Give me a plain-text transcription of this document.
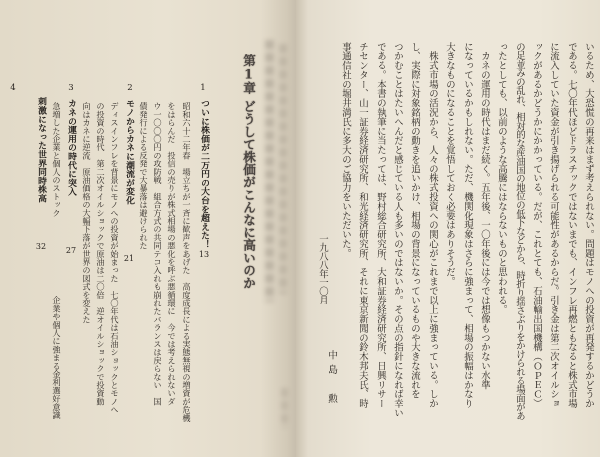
第1章
どうして株価がこんなに高いのか
1
ついに株価が二万円の大台を超えた！
13
昭和六十二年春　場立ちが一斉に歓声をあげた　高度成長による実態無視の増資が危機
をはらんだ　投信の売りが株式相場の悪化を呼ぶ悪循環に　今では考えられないダ
ウ一〇〇〇円の攻防戦　組合方式の共同テコ入れも崩れたバランスは戻らない　国
債発行による反発で大暴落は避けられた
2
モノからカネに潮流が変化
21
ディスインフレを背景にモノへの投資が始まった　七〇年代は石油ショックとモノへ
の投資の時代　第二次オイルショックで原油は二〇倍　逆オイルショックで投資動
向はカネに逆流　原油価格の大幅下落が世界の図式を変えた
3
カネの運用の時代に突入
27
急増した企業と個人のストック
企業や個人に強まる金利選好意識
4
刺激になった世界同時株高
32	いるため、大恐慌の再来はまず考えられない。問題はモノへの投資が再発するかどうか
である。七〇年代ほどドラスチックではないまでも、インフレ再燃ともなると株式市場
に流入していた資金が引き揚げられる可能性があるからだ。引き金は第二次オイルショ
ックがあるかどうかにかかっている。だが、これとても、石油輸出国機構（ＯＰＥＣ）
の足並みの乱れ、相対的な産油国の地位の低下などから、時折り揺さぶりをかけられる場面があ
ったとしても、以前のような高騰にはならないものと思われる。
　カネの運用の時代はまだ続く。五年後、一〇年後には今では想像もつかない水準
になっているかもしれない。ただ、機関化現象はさらに強まって、相場の振幅はかなり
大きなものになることを覚悟しておく必要はありそうだ。
　株式市場の活況から、人々の株式投資への関心がこれまで以上に強まっている。しか
し、実際に対象銘柄の動きを追いかけ、相場の背景になっているものや大きな流れを
つかむことはたいへんだと感じている人も多いのではないか。その点の指針になれば幸い
である。本書の執筆に当たっては、野村総合研究所、大和証券経済研究所、日興リサー
チセンター、山一証券経済研究所、和光経済研究所、それに東京新聞の鈴木邦夫氏、時
事通信社の堀井満氏に多大のご協力をいただいた。
一九八八年一〇月
中島　勲
